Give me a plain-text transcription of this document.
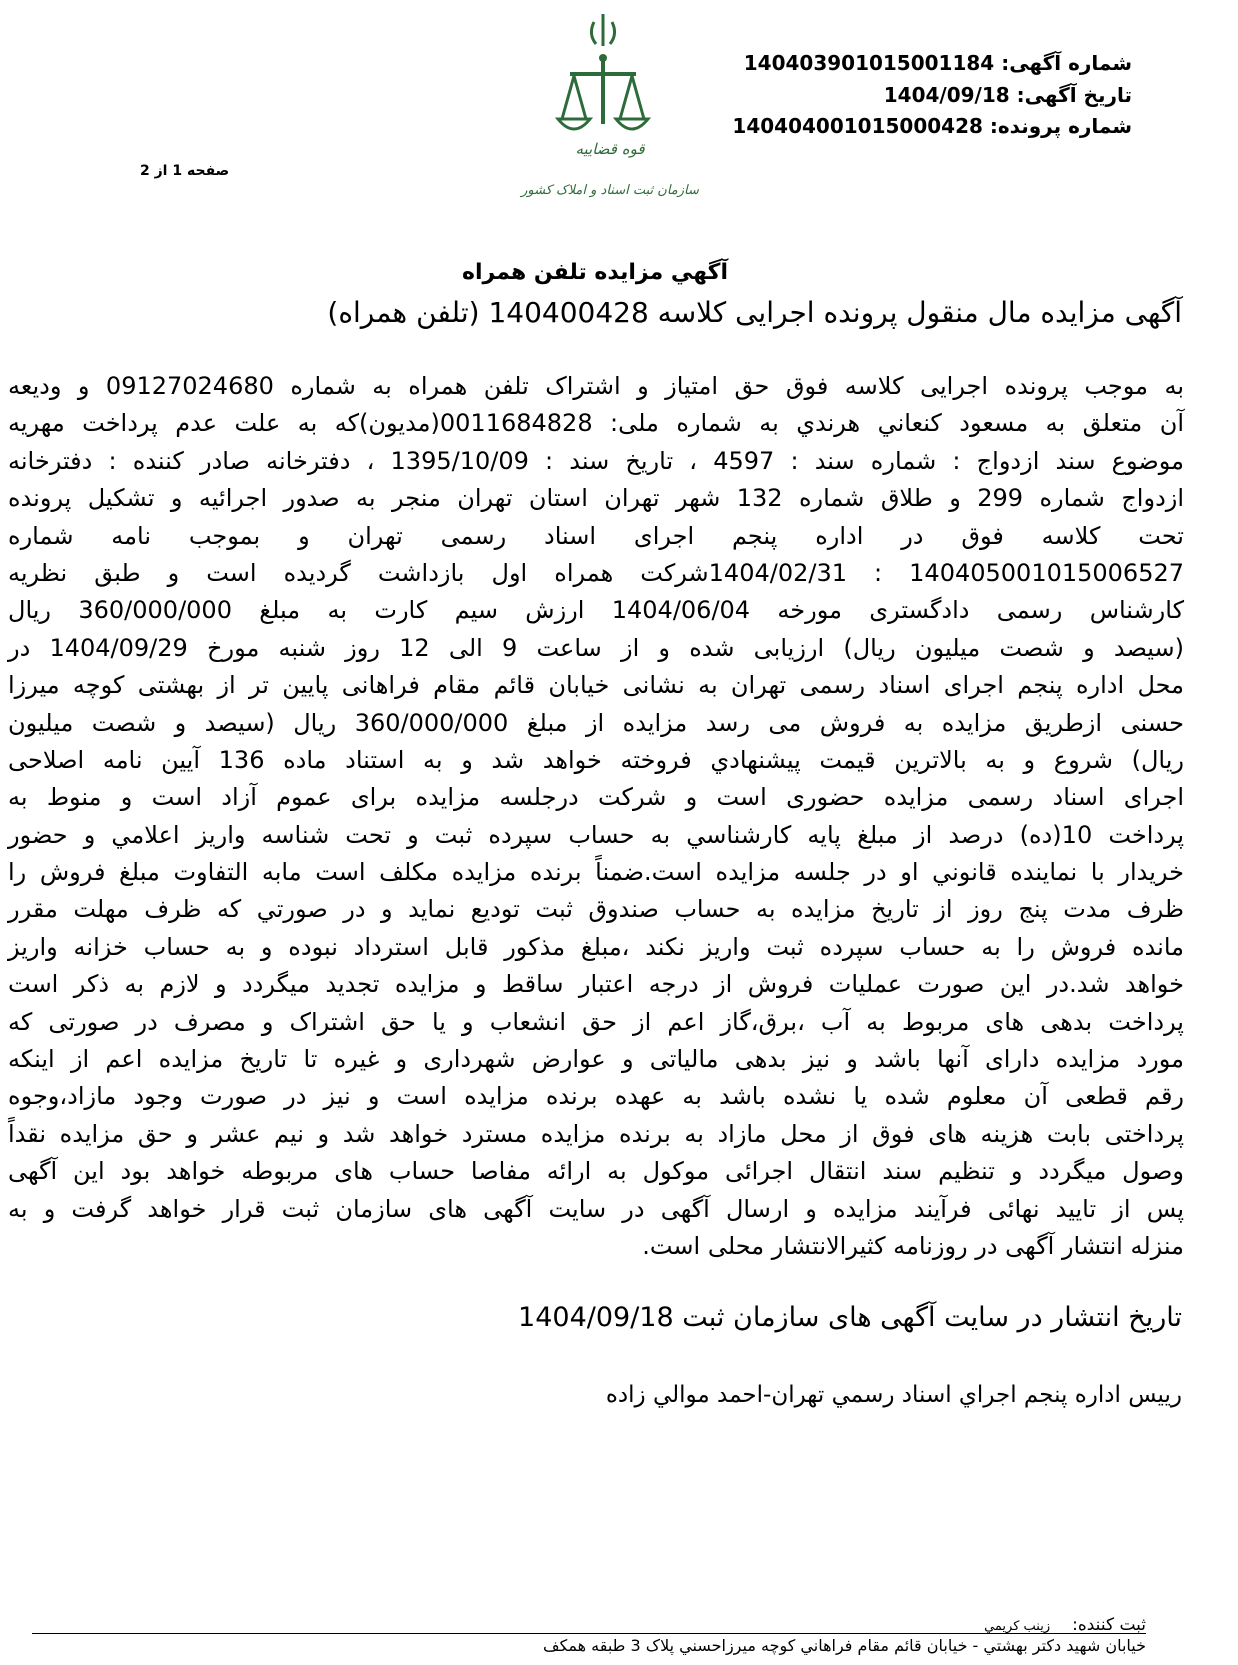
قوه قضاییه
سازمان ثبت اسناد و املاک کشور
شماره آگهی: 140403901015001184
تاریخ آگهی: 1404/09/18
شماره پرونده: 140404001015000428
صفحه 1 از 2
آگهي مزايده تلفن همراه
آگهی مزایده مال منقول پرونده اجرایی کلاسه 140400428 (تلفن همراه)
به موجب پرونده اجرایی کلاسه فوق حق امتیاز و اشتراک تلفن همراه به شماره 09127024680 و ودیعه
آن متعلق به مسعود كنعاني هرندي به شماره ملی: 0011684828(مدیون)که به علت عدم پرداخت مهریه
موضوع سند ازدواج : شماره سند : 4597 ، تاریخ سند : 1395/10/09 ، دفترخانه صادر کننده : دفترخانه
ازدواج شماره 299 و طلاق شماره 132 شهر تهران استان تهران منجر به صدور اجرائیه و تشکیل پرونده
تحت کلاسه فوق در اداره پنجم اجرای اسناد رسمی تهران و بموجب نامه شماره
140405001015006527 : 1404/02/31شرکت همراه اول بازداشت گردیده است و طبق نظریه
کارشناس رسمی دادگستری مورخه 1404/06/04 ارزش سیم کارت به مبلغ 360/000/000 ریال
(سیصد و شصت میلیون ریال) ارزیابی شده و از ساعت 9 الی 12 روز شنبه مورخ 1404/09/29 در
محل اداره پنجم اجرای اسناد رسمی تهران به نشانی خیابان قائم مقام فراهانی پایین تر از بهشتی کوچه میرزا
حسنی ازطریق مزایده به فروش می رسد مزایده از مبلغ 360/000/000 ریال (سیصد و شصت میلیون
ریال) شروع و به بالاترین قیمت پیشنهادي فروخته خواهد شد و به استناد ماده 136 آیین نامه اصلاحی
اجرای اسناد رسمی مزایده حضوری است و شرکت درجلسه مزایده برای عموم آزاد است و منوط به
پرداخت 10(ده) درصد از مبلغ پایه کارشناسي به حساب سپرده ثبت و تحت شناسه واریز اعلامي و حضور
خریدار با نماینده قانوني او در جلسه مزایده است.ضمناً برنده مزایده مکلف است مابه التفاوت مبلغ فروش را
ظرف مدت پنج روز از تاریخ مزایده به حساب صندوق ثبت تودیع نماید و در صورتي که ظرف مهلت مقرر
مانده فروش را به حساب سپرده ثبت واریز نکند ،مبلغ مذکور قابل استرداد نبوده و به حساب خزانه واریز
خواهد شد.در این صورت عملیات فروش از درجه اعتبار ساقط و مزایده تجدید میگردد و لازم به ذکر است
پرداخت بدهی های مربوط به آب ،برق،گاز اعم از حق انشعاب و یا حق اشتراک و مصرف در صورتی که
مورد مزایده دارای آنها باشد و نیز بدهی مالیاتی و عوارض شهرداری و غیره تا تاریخ مزایده اعم از اینکه
رقم قطعی آن معلوم شده یا نشده باشد به عهده برنده مزایده است و نیز در صورت وجود مازاد،وجوه
پرداختی بابت هزینه های فوق از محل مازاد به برنده مزایده مسترد خواهد شد و نیم عشر و حق مزایده نقداً
وصول میگردد و تنظیم سند انتقال اجرائی موکول به ارائه مفاصا حساب های مربوطه خواهد بود این آگهی
پس از تایید نهائی فرآیند مزایده و ارسال آگهی در سایت آگهی های سازمان ثبت قرار خواهد گرفت و به
منزله انتشار آگهی در روزنامه کثیرالانتشار محلی است.
تاریخ انتشار در سایت آگهی های سازمان ثبت 1404/09/18
رييس اداره پنجم اجراي اسناد رسمي تهران-احمد موالي زاده
ثبت کننده:زينب كريمي
خيابان شهيد دكتر بهشتي - خيابان قائم مقام فراهاني كوچه ميرزاحسني پلاک 3 طبقه همكف
